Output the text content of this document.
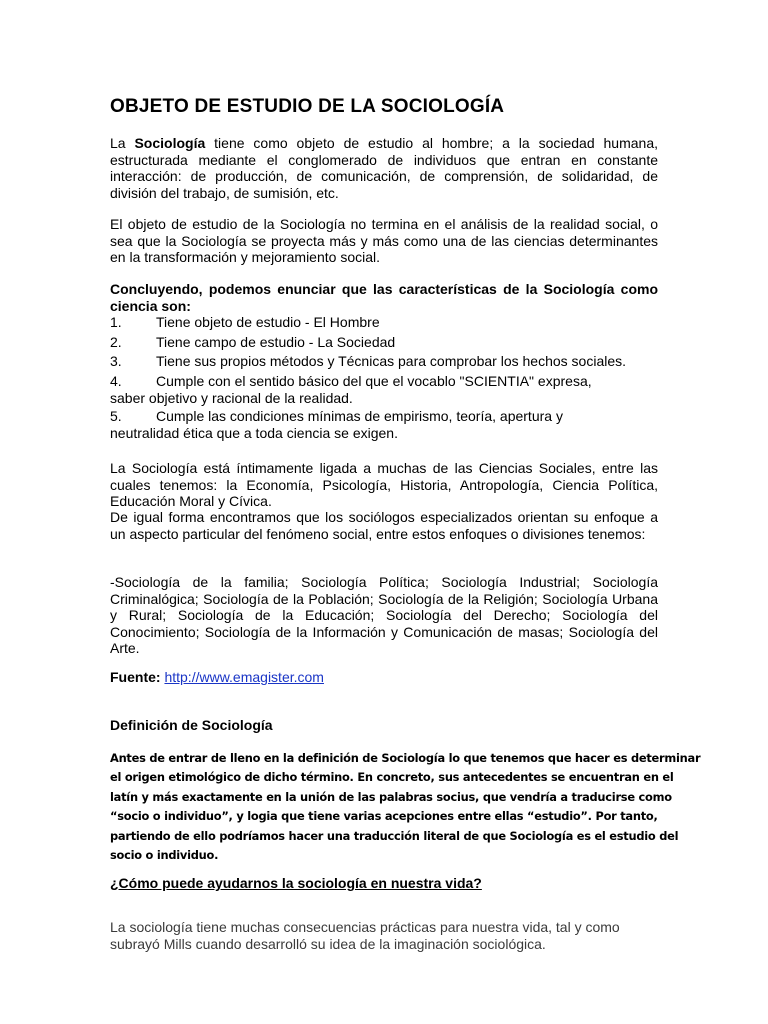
OBJETO DE ESTUDIO DE LA SOCIOLOGÍA

La Sociología tiene como objeto de estudio al hombre; a la sociedad humana, estructurada mediante el conglomerado de individuos que entran en constante interacción: de producción, de comunicación, de comprensión, de solidaridad, de división del trabajo, de sumisión, etc.

El objeto de estudio de la Sociología no termina en el análisis de la realidad social, o sea que la Sociología se proyecta más y más como una de las ciencias determinantes en la transformación y mejoramiento social.

Concluyendo, podemos enunciar que las características de la Sociología como ciencia son:

1. Tiene objeto de estudio - El Hombre
2. Tiene campo de estudio - La Sociedad
3. Tiene sus propios métodos y Técnicas para comprobar los hechos sociales.
4. Cumple con el sentido básico del que el vocablo "SCIENTIA" expresa,
saber objetivo y racional de la realidad.
5. Cumple las condiciones mínimas de empirismo, teoría, apertura y
neutralidad ética que a toda ciencia se exigen.

La Sociología está íntimamente ligada a muchas de las Ciencias Sociales, entre las cuales tenemos: la Economía, Psicología, Historia, Antropología, Ciencia Política, Educación Moral y Cívica.

De igual forma encontramos que los sociólogos especializados orientan su enfoque a un aspecto particular del fenómeno social, entre estos enfoques o divisiones tenemos:

-Sociología de la familia; Sociología Política; Sociología Industrial; Sociología Criminalógica; Sociología de la Población; Sociología de la Religión; Sociología Urbana y Rural; Sociología de la Educación; Sociología del Derecho; Sociología del Conocimiento; Sociología de la Información y Comunicación de masas; Sociología del Arte.

Fuente: http://www.emagister.com
Definición de Sociología
Antes de entrar de lleno en la definición de Sociología lo que tenemos que hacer es determinar
el origen etimológico de dicho término. En concreto, sus antecedentes se encuentran en el
latín y más exactamente en la unión de las palabras socius, que vendría a traducirse como
“socio o individuo”, y logia que tiene varias acepciones entre ellas “estudio”. Por tanto,
partiendo de ello podríamos hacer una traducción literal de que Sociología es el estudio del
socio o individuo.
¿Cómo puede ayudarnos la sociología en nuestra vida?

La sociología tiene muchas consecuencias prácticas para nuestra vida, tal y como subrayó Mills cuando desarrolló su idea de la imaginación sociológica.
